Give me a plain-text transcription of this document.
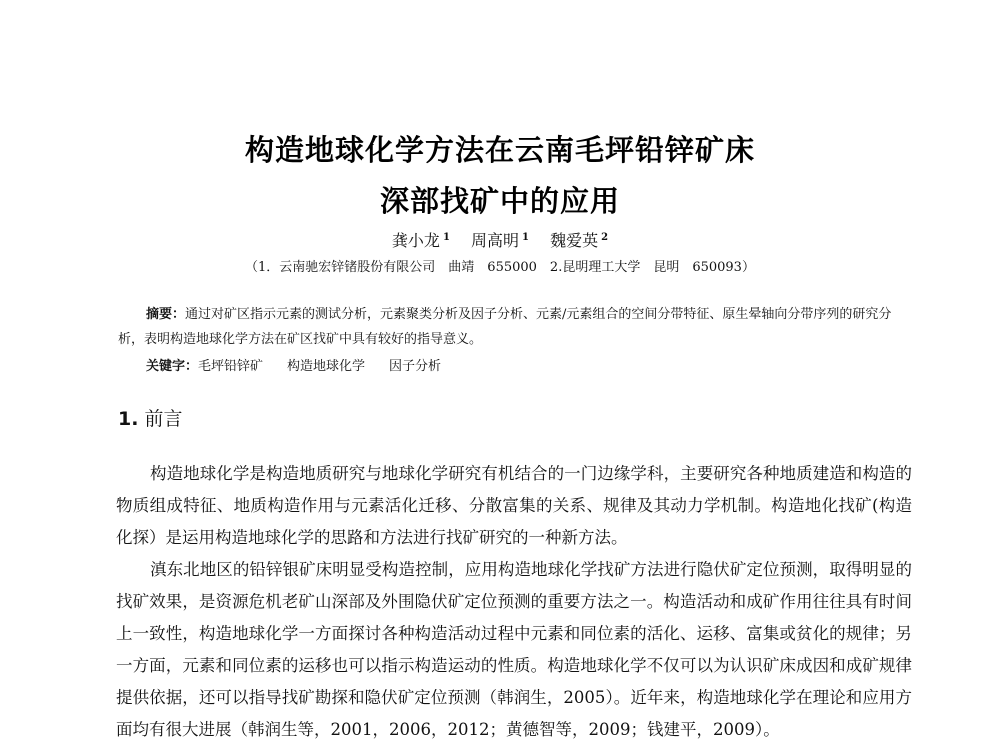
构造地球化学方法在云南毛坪铅锌矿床
深部找矿中的应用
龚小龙 $^1$ 周高明 $^1$ 魏爱英 $^2$
（1．云南驰宏锌锗股份有限公司　曲靖　655000　2.昆明理工大学　昆明　650093）
摘要：通过对矿区指示元素的测试分析，元素聚类分析及因子分析、元素/元素组合的空间分带特征、原生晕轴向分带序列的研究分析，表明构造地球化学方法在矿区找矿中具有较好的指导意义。
关键字：毛坪铅锌矿 构造地球化学 因子分析
1. 前言

构造地球化学是构造地质研究与地球化学研究有机结合的一门边缘学科，主要研究各种地质建造和构造的物质组成特征、地质构造作用与元素活化迁移、分散富集的关系、规律及其动力学机制。构造地化找矿(构造化探）是运用构造地球化学的思路和方法进行找矿研究的一种新方法。

滇东北地区的铅锌银矿床明显受构造控制，应用构造地球化学找矿方法进行隐伏矿定位预测，取得明显的找矿效果，是资源危机老矿山深部及外围隐伏矿定位预测的重要方法之一。构造活动和成矿作用往往具有时间上一致性，构造地球化学一方面探讨各种构造活动过程中元素和同位素的活化、运移、富集或贫化的规律；另一方面，元素和同位素的运移也可以指示构造运动的性质。构造地球化学不仅可以为认识矿床成因和成矿规律提供依据，还可以指导找矿勘探和隐伏矿定位预测（韩润生，2005）。近年来，构造地球化学在理论和应用方面均有很大进展（韩润生等，2001，2006，2012；黄德智等，2009；钱建平，2009）。
